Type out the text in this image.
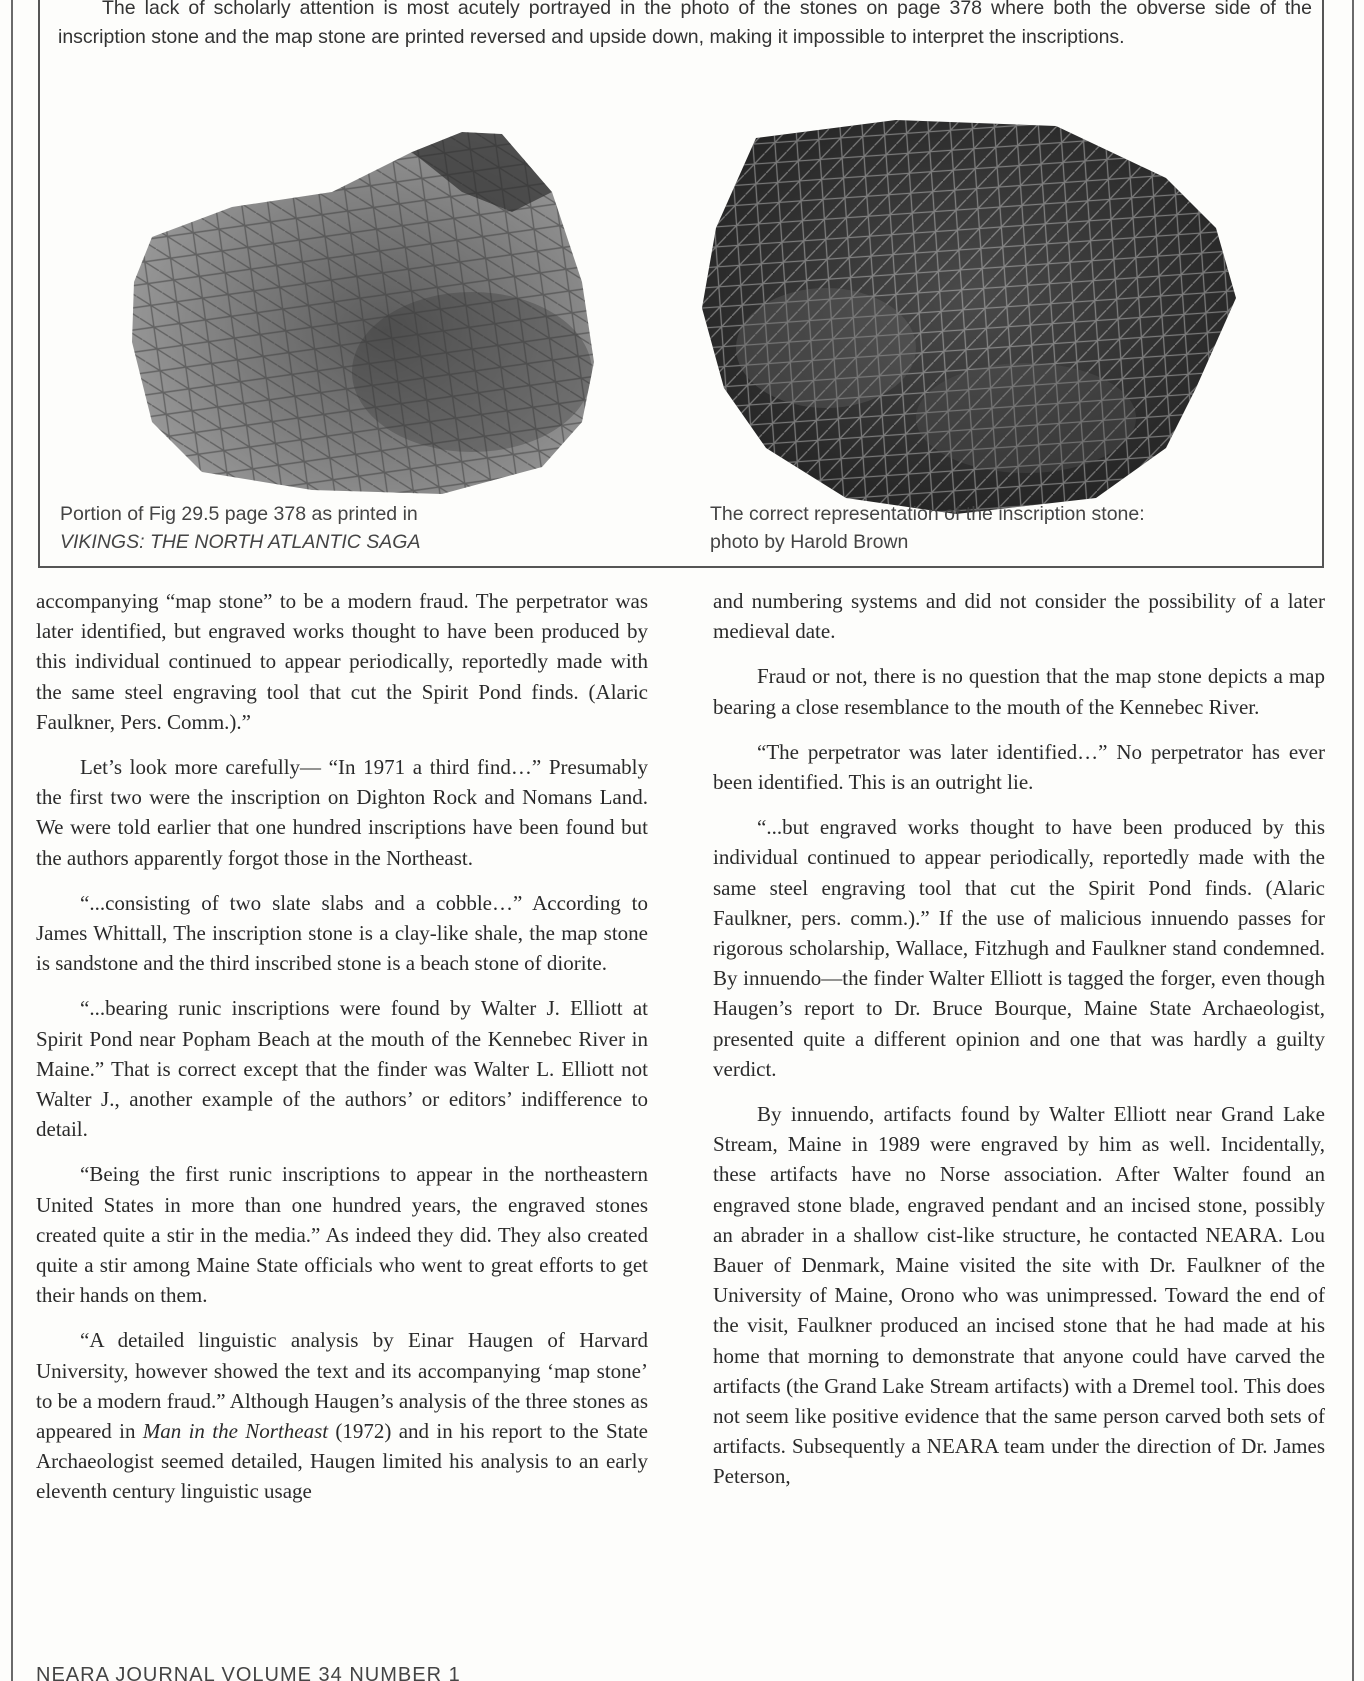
The lack of scholarly attention is most acutely portrayed in the photo of the stones on page 378 where both the obverse side of the inscription stone and the map stone are printed reversed and upside down, making it impossible to interpret the inscriptions.

Portion of Fig 29.5 page 378 as printed in
VIKINGS: THE NORTH ATLANTIC SAGA
The correct representation of the inscription stone:
photo by Harold Brown

accompanying “map stone” to be a modern fraud. The perpetrator was later identified, but engraved works thought to have been produced by this individual continued to appear periodically, reportedly made with the same steel engraving tool that cut the Spirit Pond finds. (Alaric Faulkner, Pers. Comm.).”

Let’s look more carefully— “In 1971 a third find…” Presumably the first two were the inscription on Dighton Rock and Nomans Land. We were told earlier that one hundred inscriptions have been found but the authors apparently forgot those in the Northeast.

“...consisting of two slate slabs and a cobble…” According to James Whittall, The inscription stone is a clay-like shale, the map stone is sandstone and the third inscribed stone is a beach stone of diorite.

“...bearing runic inscriptions were found by Walter J. Elliott at Spirit Pond near Popham Beach at the mouth of the Kennebec River in Maine.” That is correct except that the finder was Walter L. Elliott not Walter J., another example of the authors’ or editors’ indifference to detail.

“Being the first runic inscriptions to appear in the northeastern United States in more than one hundred years, the engraved stones created quite a stir in the media.” As indeed they did. They also created quite a stir among Maine State officials who went to great efforts to get their hands on them.

“A detailed linguistic analysis by Einar Haugen of Harvard University, however showed the text and its accompanying ‘map stone’ to be a modern fraud.” Although Haugen’s analysis of the three stones as appeared in Man in the Northeast (1972) and in his report to the State Archaeologist seemed detailed, Haugen limited his analysis to an early eleventh century linguistic usage

and numbering systems and did not consider the possibility of a later medieval date.

Fraud or not, there is no question that the map stone depicts a map bearing a close resemblance to the mouth of the Kennebec River.

“The perpetrator was later identified…” No perpetrator has ever been identified. This is an outright lie.

“...but engraved works thought to have been produced by this individual continued to appear periodically, reportedly made with the same steel engraving tool that cut the Spirit Pond finds. (Alaric Faulkner, pers. comm.).” If the use of malicious innuendo passes for rigorous scholarship, Wallace, Fitzhugh and Faulkner stand condemned. By innuendo—the finder Walter Elliott is tagged the forger, even though Haugen’s report to Dr. Bruce Bourque, Maine State Archaeologist, presented quite a different opinion and one that was hardly a guilty verdict.

By innuendo, artifacts found by Walter Elliott near Grand Lake Stream, Maine in 1989 were engraved by him as well. Incidentally, these artifacts have no Norse association. After Walter found an engraved stone blade, engraved pendant and an incised stone, possibly an abrader in a shallow cist-like structure, he contacted NEARA. Lou Bauer of Denmark, Maine visited the site with Dr. Faulkner of the University of Maine, Orono who was unimpressed. Toward the end of the visit, Faulkner produced an incised stone that he had made at his home that morning to demonstrate that anyone could have carved the artifacts (the Grand Lake Stream artifacts) with a Dremel tool. This does not seem like positive evidence that the same person carved both sets of artifacts. Subsequently a NEARA team under the direction of Dr. James Peterson,

NEARA JOURNAL VOLUME 34 NUMBER 1
